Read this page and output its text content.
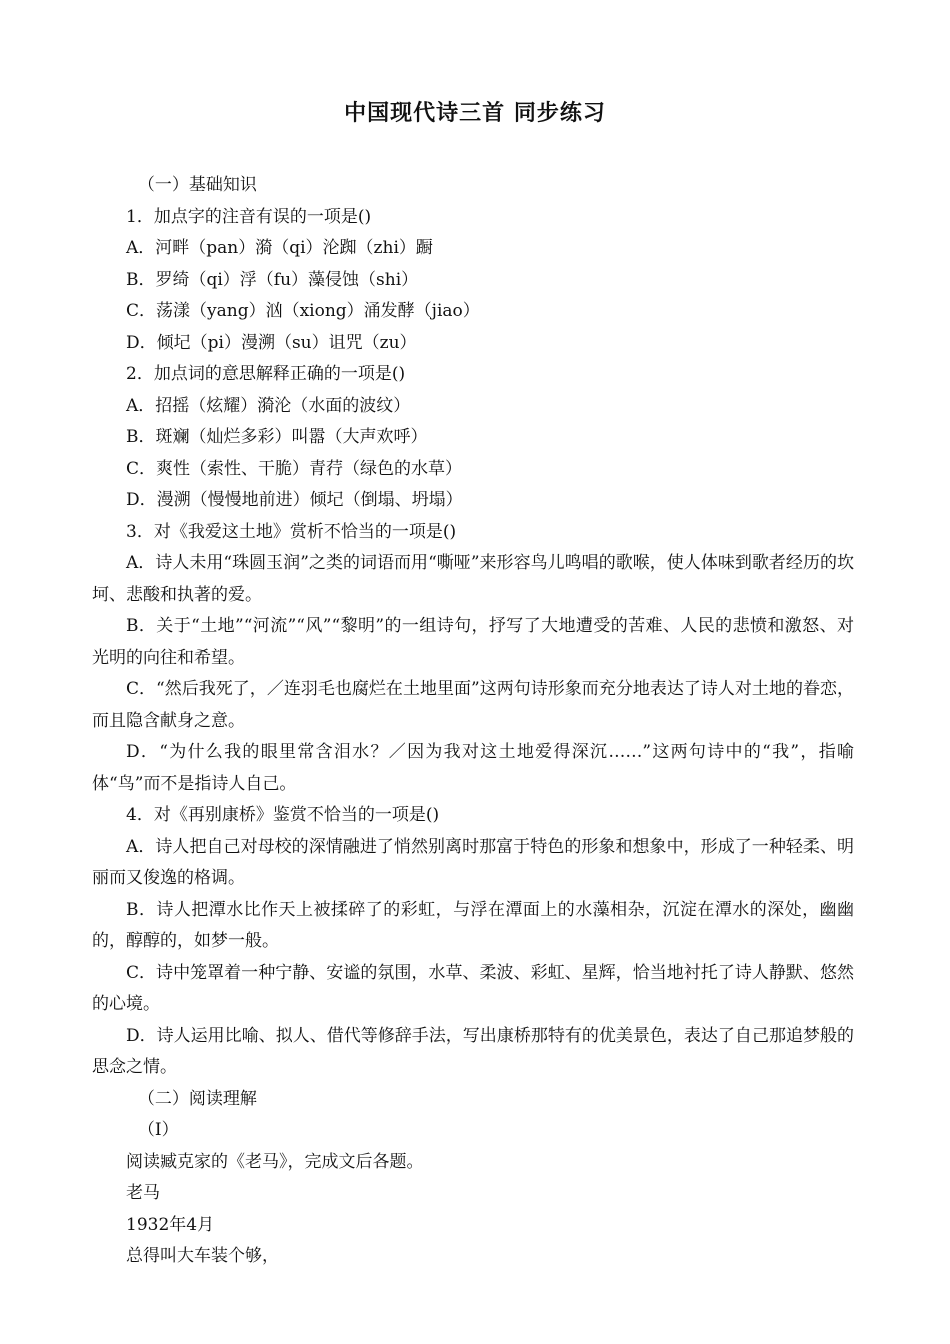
中国现代诗三首 同步练习

（一）基础知识

1．加点字的注音有误的一项是()

A．河畔（pan）漪（qi）沦踟（zhi）蹰

B．罗绮（qi）浮（fu）藻侵蚀（shi）

C．荡漾（yang）汹（xiong）涌发酵（jiao）

D．倾圮（pi）漫溯（su）诅咒（zu）

2．加点词的意思解释正确的一项是()

A．招摇（炫耀）漪沦（水面的波纹）

B．斑斓（灿烂多彩）叫嚣（大声欢呼）

C．爽性（索性、干脆）青荇（绿色的水草）

D．漫溯（慢慢地前进）倾圮（倒塌、坍塌）

3．对《我爱这土地》赏析不恰当的一项是()

A．诗人未用“珠圆玉润”之类的词语而用“嘶哑”来形容鸟儿鸣唱的歌喉，使人体味到歌者经历的坎坷、悲酸和执著的爱。

B．关于“土地”“河流”“风”“黎明”的一组诗句，抒写了大地遭受的苦难、人民的悲愤和激怒、对光明的向往和希望。

C．“然后我死了，／连羽毛也腐烂在土地里面”这两句诗形象而充分地表达了诗人对土地的眷恋，而且隐含献身之意。

D．“为什么我的眼里常含泪水？／因为我对这土地爱得深沉……”这两句诗中的“我”，指喻体“鸟”而不是指诗人自己。

4．对《再别康桥》鉴赏不恰当的一项是()

A．诗人把自己对母校的深情融进了悄然别离时那富于特色的形象和想象中，形成了一种轻柔、明丽而又俊逸的格调。

B．诗人把潭水比作天上被揉碎了的彩虹，与浮在潭面上的水藻相杂，沉淀在潭水的深处，幽幽的，醇醇的，如梦一般。

C．诗中笼罩着一种宁静、安谧的氛围，水草、柔波、彩虹、星辉，恰当地衬托了诗人静默、悠然的心境。

D．诗人运用比喻、拟人、借代等修辞手法，写出康桥那特有的优美景色，表达了自己那追梦般的思念之情。

（二）阅读理解

（Ⅰ）

阅读臧克家的《老马》，完成文后各题。

老马

1932年4月

总得叫大车装个够，
